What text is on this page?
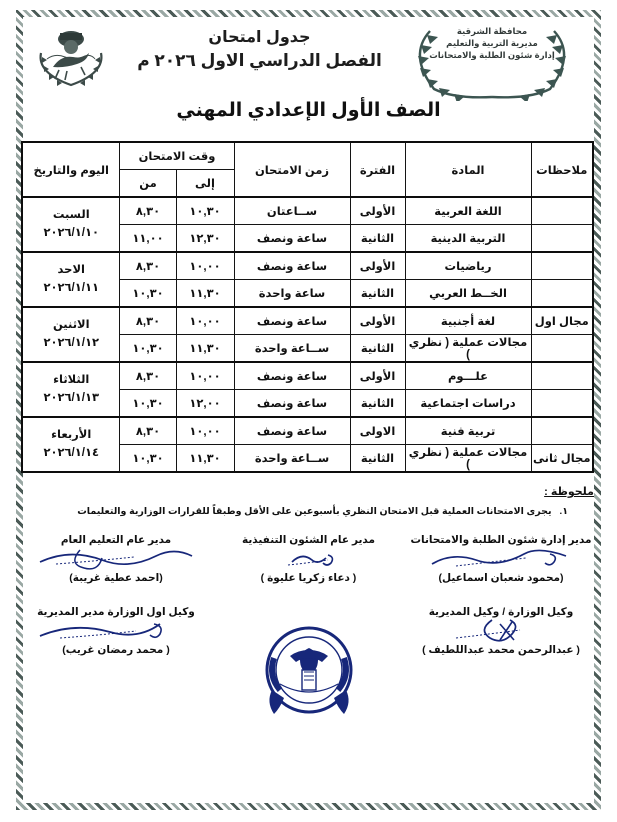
محافظة الشرقية
مديرية التربية والتعليم
إدارة شئون الطلبة والامتحانات
جدول امتحان
الفصل الدراسي الاول ٢٠٢٦ م
الصف الأول الإعدادي المهني
ملاحظات	المادة	الفترة	زمن الامتحان	وقت الامتحان		اليوم والتاريخ
				إلى	من	
	اللغة العربية	الأولى	ســاعتان	١٠,٣٠	٨,٣٠	السبت
٢٠٢٦/١/١٠

	التربية الدينية	الثانية	ساعة ونصف	١٢,٣٠	١١,٠٠	
	رياضيات	الأولى	ساعة ونصف	١٠,٠٠	٨,٣٠	الاحد
٢٠٢٦/١/١١

	الخــط العربي	الثانية	ساعة واحدة	١١,٣٠	١٠,٣٠	
مجال اول	لغة أجنبية	الأولى	ساعة ونصف	١٠,٠٠	٨,٣٠	الاثنين
٢٠٢٦/١/١٢

	مجالات عملية ( نظري )	الثانية	ســاعة واحدة	١١,٣٠	١٠,٣٠	
	علـــوم	الأولى	ساعة ونصف	١٠,٠٠	٨,٣٠	الثلاثاء
٢٠٢٦/١/١٣

	دراسات اجتماعية	الثانية	ساعة ونصف	١٢,٠٠	١٠,٣٠	
	تربية فنية	الاولى	ساعة ونصف	١٠,٠٠	٨,٣٠	الأربعاء
٢٠٢٦/١/١٤

مجال ثانى	مجالات عملية ( نظري )	الثانية	ســاعة واحدة	١١,٣٠	١٠,٣٠	
ملحوظة :
١.يجرى الامتحانات العملية قبل الامتحان النظري بأسبوعين على الأقل وطبقاً للقرارات الوزارية والتعليمات
مدير إدارة شئون الطلبة والامتحانات
(محمود شعبان اسماعيل)
مدير عام الشئون التنفيذية
( دعاء زكريا عليوة )
مدير عام التعليم العام
(احمد عطية غريبة)
وكيل الوزارة / وكيل المديرية
( عبدالرحمن محمد عبداللطيف )
وكيل اول الوزارة مدير المديرية
( محمد رمضان غريب)
